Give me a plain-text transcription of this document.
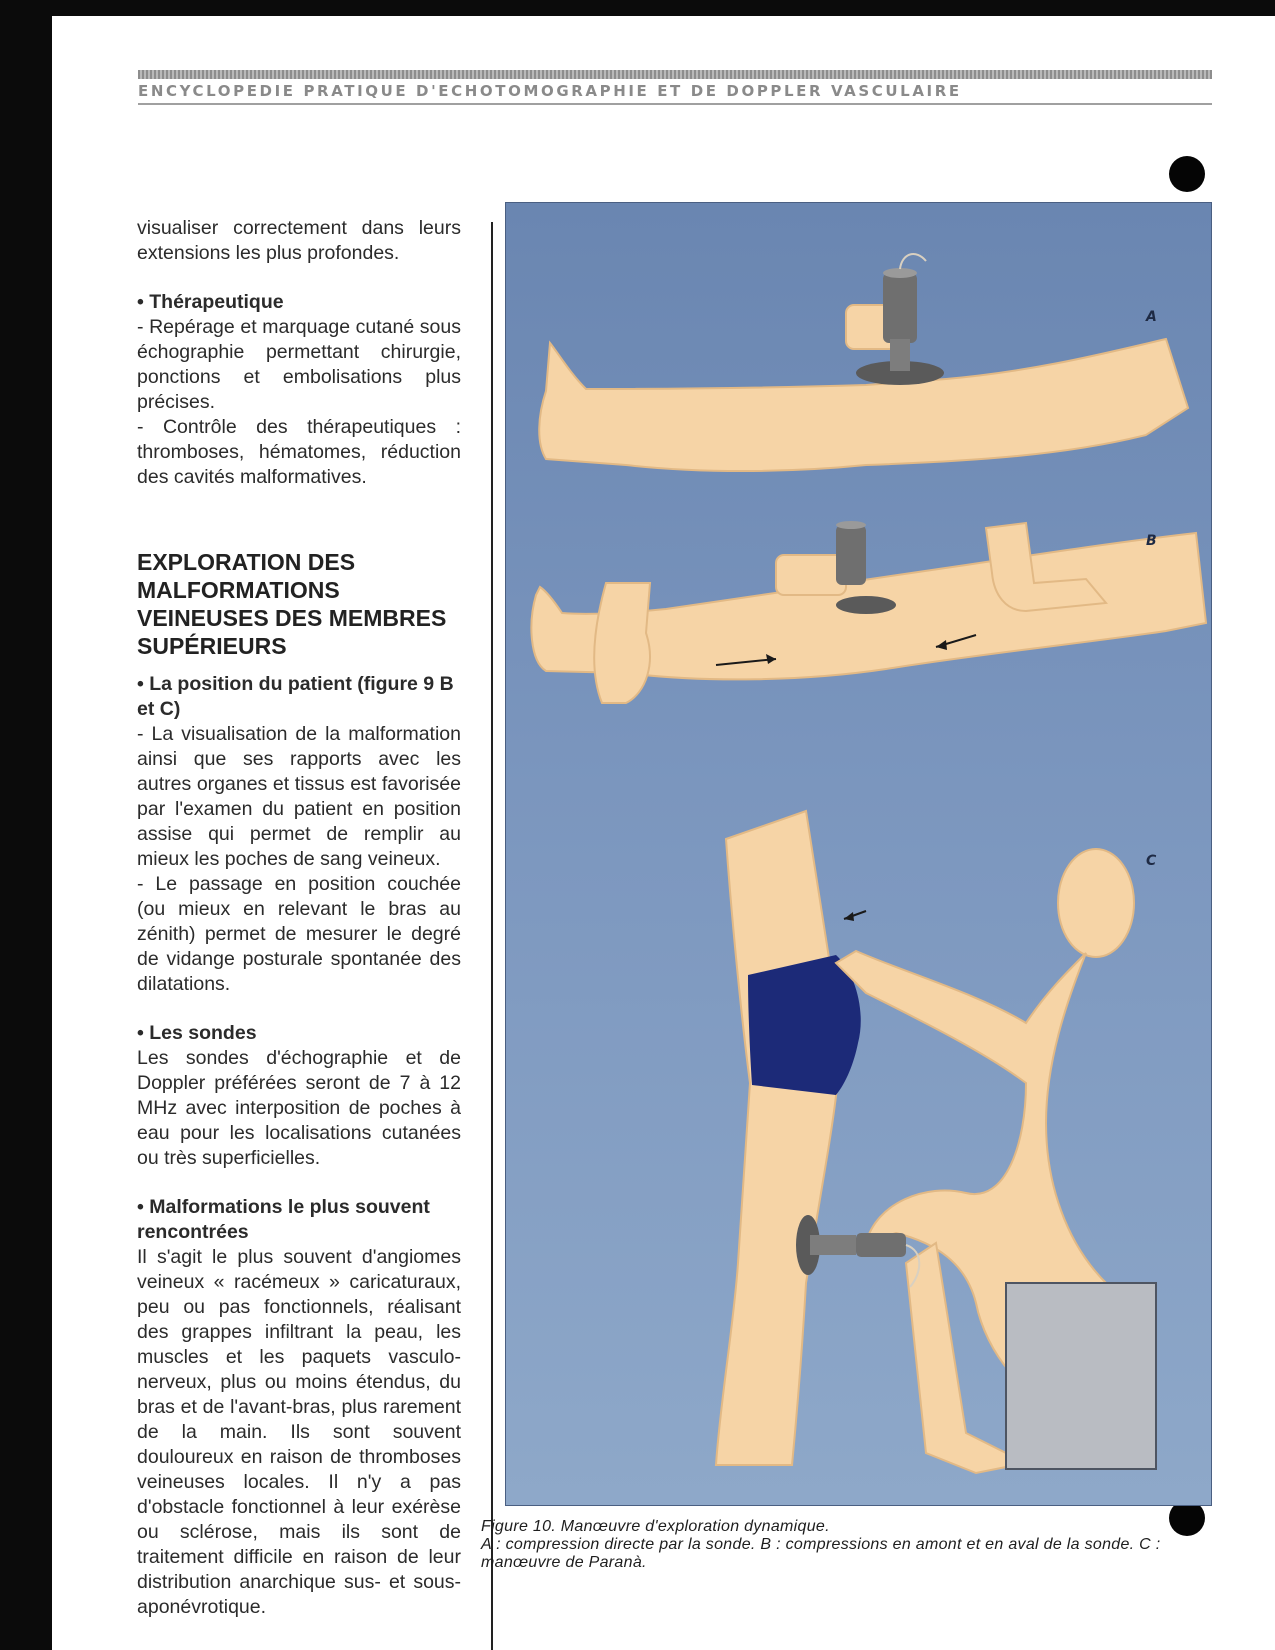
ENCYCLOPEDIE PRATIQUE D'ECHOTOMOGRAPHIE ET DE DOPPLER VASCULAIRE

visualiser correctement dans leurs extensions les plus profondes.

• Thérapeutique

- Repérage et marquage cutané sous échographie permettant chirurgie, ponctions et embolisations plus précises.

- Contrôle des thérapeutiques : thromboses, hématomes, réduction des cavités malformatives.

EXPLORATION DES MALFORMATIONS VEINEUSES DES MEMBRES SUPÉRIEURS

• La position du patient (figure 9 B et C)

- La visualisation de la malformation ainsi que ses rapports avec les autres organes et tissus est favorisée par l'examen du patient en position assise qui permet de remplir au mieux les poches de sang veineux.

- Le passage en position couchée (ou mieux en relevant le bras au zénith) permet de mesurer le degré de vidange posturale spontanée des dilatations.

• Les sondes

Les sondes d'échographie et de Doppler préférées seront de 7 à 12 MHz avec interposition de poches à eau pour les localisations cutanées ou très superficielles.

• Malformations le plus souvent rencontrées

Il s'agit le plus souvent d'angiomes veineux « racémeux » caricaturaux, peu ou pas fonctionnels, réalisant des grappes infiltrant la peau, les muscles et les paquets vasculo-nerveux, plus ou moins étendus, du bras et de l'avant-bras, plus rarement de la main. Ils sont souvent douloureux en raison de thromboses veineuses locales. Il n'y a pas d'obstacle fonctionnel à leur exérèse ou sclérose, mais ils sont de traitement difficile en raison de leur distribution anarchique sus- et sous-aponévrotique.

A
B
C

Figure 10. Manœuvre d'exploration dynamique.

A : compression directe par la sonde. B : compressions en amont et en aval de la sonde. C : manœuvre de Paranà.
